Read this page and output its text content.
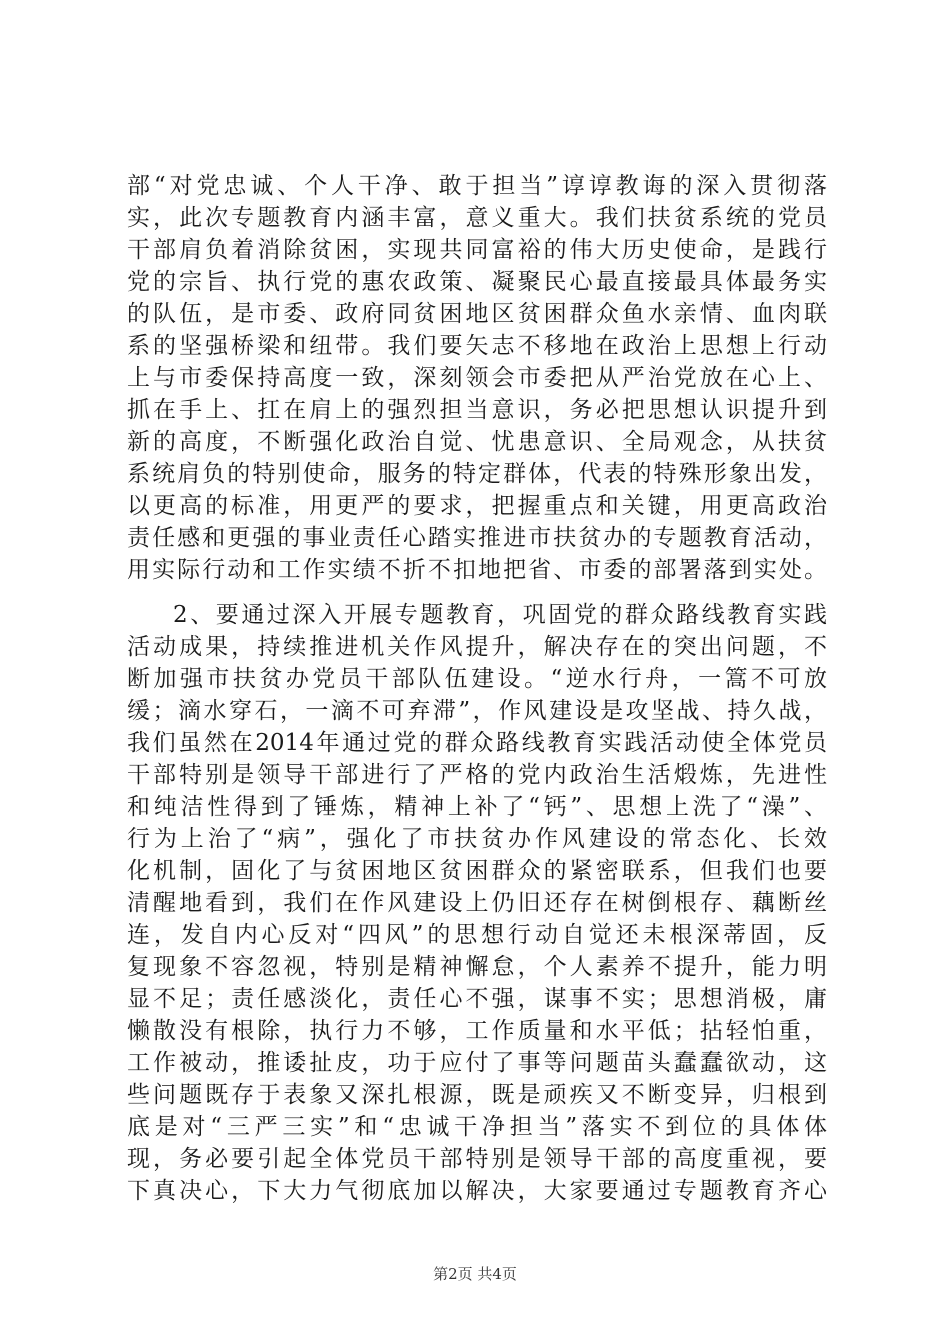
部“对党忠诚、个人干净、敢于担当”谆谆教诲的深入贯彻落
实，此次专题教育内涵丰富，意义重大。我们扶贫系统的党员
干部肩负着消除贫困，实现共同富裕的伟大历史使命，是践行
党的宗旨、执行党的惠农政策、凝聚民心最直接最具体最务实
的队伍，是市委、政府同贫困地区贫困群众鱼水亲情、血肉联
系的坚强桥梁和纽带。我们要矢志不移地在政治上思想上行动
上与市委保持高度一致，深刻领会市委把从严治党放在心上、
抓在手上、扛在肩上的强烈担当意识，务必把思想认识提升到
新的高度，不断强化政治自觉、忧患意识、全局观念，从扶贫
系统肩负的特别使命，服务的特定群体，代表的特殊形象出发，
以更高的标准，用更严的要求，把握重点和关键，用更高政治
责任感和更强的事业责任心踏实推进市扶贫办的专题教育活动，
用实际行动和工作实绩不折不扣地把省、市委的部署落到实处。
2、要通过深入开展专题教育，巩固党的群众路线教育实践
活动成果，持续推进机关作风提升，解决存在的突出问题，不
断加强市扶贫办党员干部队伍建设。“逆水行舟，一篙不可放
缓；滴水穿石，一滴不可弃滞”，作风建设是攻坚战、持久战，
我们虽然在2014年通过党的群众路线教育实践活动使全体党员
干部特别是领导干部进行了严格的党内政治生活煅炼，先进性
和纯洁性得到了锤炼，精神上补了“钙”、思想上洗了“澡”、
行为上治了“病”，强化了市扶贫办作风建设的常态化、长效
化机制，固化了与贫困地区贫困群众的紧密联系，但我们也要
清醒地看到，我们在作风建设上仍旧还存在树倒根存、藕断丝
连，发自内心反对“四风”的思想行动自觉还未根深蒂固，反
复现象不容忽视，特别是精神懈怠，个人素养不提升，能力明
显不足；责任感淡化，责任心不强，谋事不实；思想消极，庸
懒散没有根除，执行力不够，工作质量和水平低；拈轻怕重，
工作被动，推诿扯皮，功于应付了事等问题苗头蠢蠢欲动，这
些问题既存于表象又深扎根源，既是顽疾又不断变异，归根到
底是对“三严三实”和“忠诚干净担当”落实不到位的具体体
现，务必要引起全体党员干部特别是领导干部的高度重视，要
下真决心，下大力气彻底加以解决，大家要通过专题教育齐心
第2页 共4页
